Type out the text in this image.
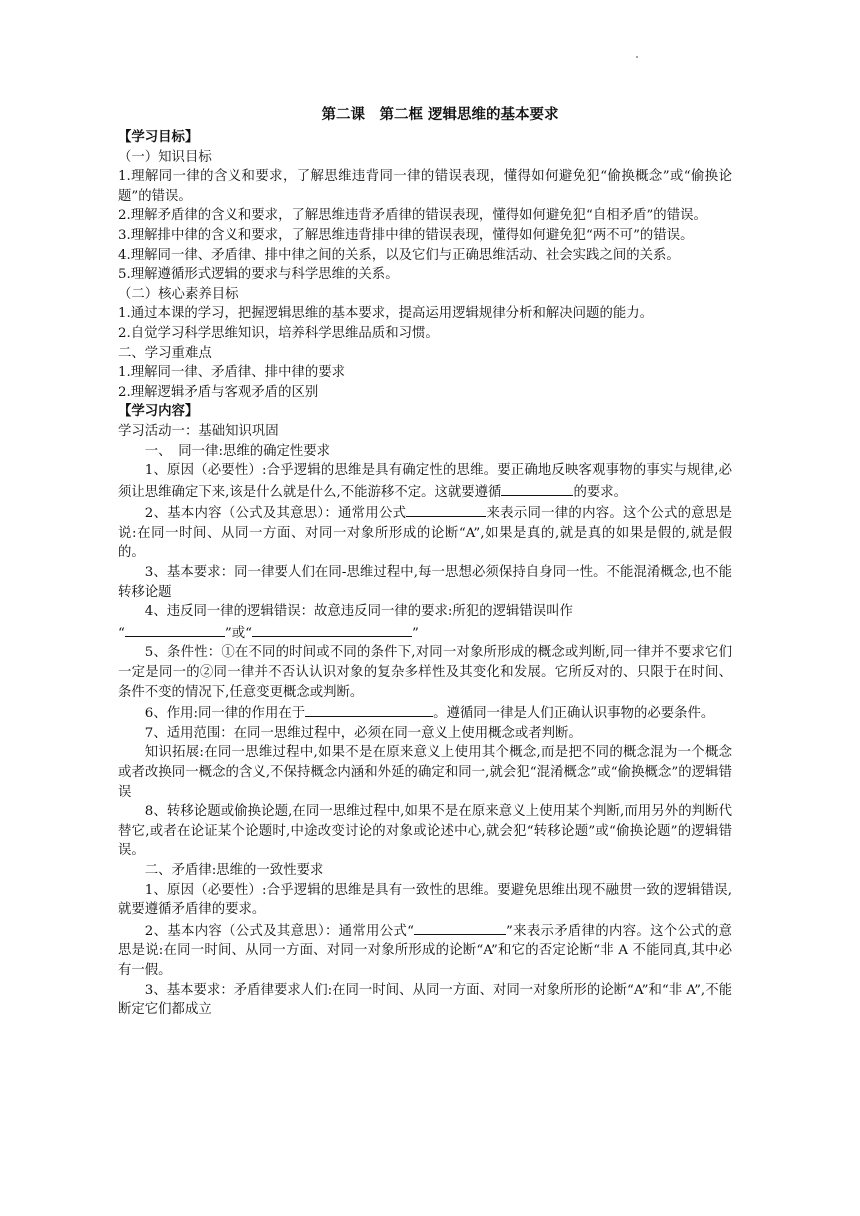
第二课　第二框 逻辑思维的基本要求

【学习目标】

（一）知识目标

1.理解同一律的含义和要求，了解思维违背同一律的错误表现，懂得如何避免犯“偷换概念”或“偷换论题”的错误。

2.理解矛盾律的含义和要求，了解思维违背矛盾律的错误表现，懂得如何避免犯“自相矛盾”的错误。

3.理解排中律的含义和要求，了解思维违背排中律的错误表现，懂得如何避免犯“两不可”的错误。

4.理解同一律、矛盾律、排中律之间的关系，以及它们与正确思维活动、社会实践之间的关系。

5.理解遵循形式逻辑的要求与科学思维的关系。

（二）核心素养目标

1.通过本课的学习，把握逻辑思维的基本要求，提高运用逻辑规律分析和解决问题的能力。

2.自觉学习科学思维知识，培养科学思维品质和习惯。

二、学习重难点

1.理解同一律、矛盾律、排中律的要求

2.理解逻辑矛盾与客观矛盾的区别

【学习内容】

学习活动一：基础知识巩固

一、　同一律:思维的确定性要求

1、原因（必要性）:合乎逻辑的思维是具有确定性的思维。要正确地反映客观事物的事实与规律,必须让思维确定下来,该是什么就是什么,不能游移不定。这就要遵循	的要求。

2、基本内容（公式及其意思）：通常用公式	来表示同一律的内容。这个公式的意思是说:在同一时间、从同一方面、对同一对象所形成的论断“A”,如果是真的,就是真的如果是假的,就是假的。

3、基本要求：同一律要人们在同-思维过程中,每一思想必须保持自身同一性。不能混淆概念,也不能转移论题

4、违反同一律的逻辑错误：故意违反同一律的要求:所犯的逻辑错误叫作

“	”或“	”

5、条件性：①在不同的时间或不同的条件下,对同一对象所形成的概念或判断,同一律并不要求它们一定是同一的②同一律并不否认认识对象的复杂多样性及其变化和发展。它所反对的、只限于在时间、条件不变的情况下,任意变更概念或判断。

6、作用:同一律的作用在于	。遵循同一律是人们正确认识事物的必要条件。

7、适用范围：在同一思维过程中，必须在同一意义上使用概念或者判断。

知识拓展:在同一思维过程中,如果不是在原来意义上使用其个概念,而是把不同的概念混为一个概念或者改换同一概念的含义,不保持概念内涵和外延的确定和同一,就会犯“混淆概念”或“偷换概念”的逻辑错误

8、转移论题或偷换论题,在同一思维过程中,如果不是在原来意义上使用某个判断,而用另外的判断代替它,或者在论证某个论题时,中途改变讨论的对象或论述中心,就会犯“转移论题”或“偷换论题”的逻辑错误。

二、矛盾律:思维的一致性要求

1、原因（必要性）:合乎逻辑的思维是具有一致性的思维。要避免思维出现不融贯一致的逻辑错误,就要遵循矛盾律的要求。

2、基本内容（公式及其意思）：通常用公式“	”来表示矛盾律的内容。这个公式的意思是说:在同一时间、从同一方面、对同一对象所形成的论断“A”和它的否定论断“非 A 不能同真,其中必有一假。

3、基本要求：矛盾律要求人们:在同一时间、从同一方面、对同一对象所形的论断“A”和“非 A”,不能断定它们都成立
